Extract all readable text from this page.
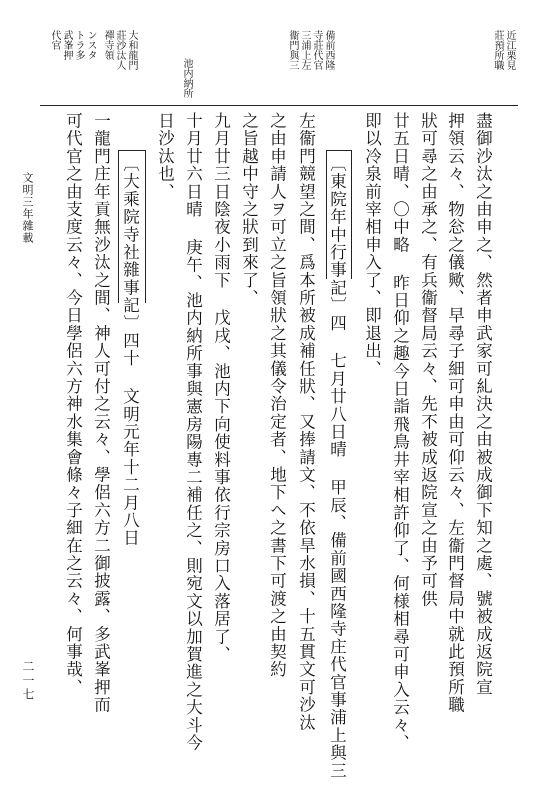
近江栗見
莊預所職
備前西隆
寺莊代官
三浦上左
衞門與三
池内納所
大和龍門
莊沙汰人
禪寺領
ンスタ
トラ多
武峯押
代官
盡御沙汰之由申之、然者申武家可糺決之由被成御下知之處、號被成返院宣
押領云々、物忩之儀歟、早尋子細可申由可仰云々、左衞門督局中就此預所職
狀可尋之由承之、有兵衞督局云々、先不被成返院宣之由予可供
廿五日晴、〇中略 昨日仰之趣今日詣飛鳥井宰相許仰了、何様相尋可申入云々、
即以冷泉前宰相申入了、即退出、
〔東院年中行事記〕四 七月廿八日晴 甲辰、備前國西隆寺庄代官事浦上與三
左衞門競望之間、爲本所被成補任狀、又捧請文、不依旱水損、十五貫文可沙汰
之由申請人ヲ可立之旨領狀之其儀令治定者、地下へ之書下可渡之由契約
之旨越中守之狀到來了、
九月廿三日陰夜小雨下 戊戌、池内下向使料事依行宗房口入落居了、
十月廿六日晴 庚午、池内納所事與憲房陽專二補任之、則宛文以加賀進之大斗今
日沙汰也、
〔大乘院寺社雜事記〕四十 文明元年十二月八日
一龍門庄年貢無沙汰之間、神人可付之云々、學侶六方二御披露、多武峯押而
可代官之由支度云々、今日學侶六方神水集會條々子細在之云々、何事哉、
文明三年雜載
二一七
